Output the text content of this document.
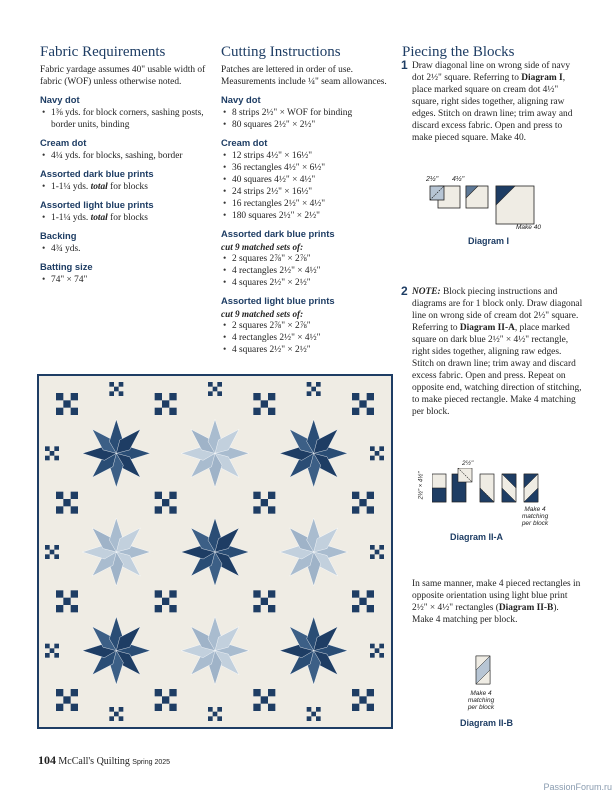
Fabric Requirements

Fabric yardage assumes 40" usable width of fabric (WOF) unless otherwise noted.

Navy dot
• 1⅜ yds. for block corners, sashing posts, border units, binding
Cream dot
• 4¼ yds. for blocks, sashing, border
Assorted dark blue prints
• 1-1¼ yds. total for blocks
Assorted light blue prints
• 1-1¼ yds. total for blocks
Backing
• 4¾ yds.
Batting size
• 74" × 74"
Cutting Instructions

Patches are lettered in order of use. Measurements include ¼" seam allowances.

Navy dot
• 8 strips 2½" × WOF for binding
• 80 squares 2½" × 2½"
Cream dot
• 12 strips 4½" × 16½"
• 36 rectangles 4½" × 6½"
• 40 squares 4½" × 4½"
• 24 strips 2½" × 16½"
• 16 rectangles 2½" × 4½"
• 180 squares 2½" × 2½"
Assorted dark blue prints
cut 9 matched sets of:
• 2 squares 2⅞" × 2⅞"
• 4 rectangles 2½" × 4½"
• 4 squares 2½" × 2½"
Assorted light blue prints
cut 9 matched sets of:
• 2 squares 2⅞" × 2⅞"
• 4 rectangles 2½" × 4½"
• 4 squares 2½" × 2½"
Piecing the Blocks
1 Draw diagonal line on wrong side of navy dot 2½" square. Referring to Diagram I, place marked square on cream dot 4½" square, right sides together, aligning raw edges. Stitch on drawn line; trim away and discard excess fabric. Open and press to make pieced square. Make 40.
2½" 4½"
Make 40
Diagram I
2 NOTE: Block piecing instructions and diagrams are for 1 block only. Draw diagonal line on wrong side of cream dot 2½" square. Referring to Diagram II-A, place marked square on dark blue 2½" × 4½" rectangle, right sides together, aligning raw edges. Stitch on drawn line; trim away and discard excess fabric. Open and press. Repeat on opposite end, watching direction of stitching, to make pieced rectangle. Make 4 matching per block.
2½"
2½" × 4½"
Make 4 matching per block
Diagram II-A
In same manner, make 4 pieced rectangles in opposite orientation using light blue print 2½" × 4½" rectangles (Diagram II-B). Make 4 matching per block.
Make 4 matching per block
Diagram II-B
104 McCall's Quilting Spring 2025
PassionForum.ru
